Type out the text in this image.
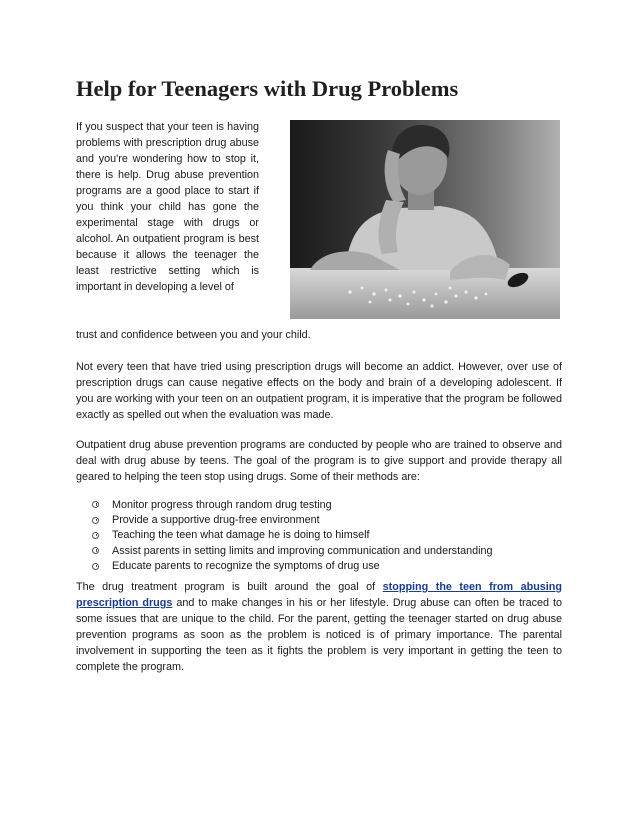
Help for Teenagers with Drug Problems

If you suspect that your teen is having problems with prescription drug abuse and you're wondering how to stop it, there is help. Drug abuse prevention programs are a good place to start if you think your child has gone the experimental stage with drugs or alcohol. An outpatient program is best because it allows the teenager the least restrictive setting which is important in developing a level of

trust and confidence between you and your child.

Not every teen that have tried using prescription drugs will become an addict. However, over use of prescription drugs can cause negative effects on the body and brain of a developing adolescent. If you are working with your teen on an outpatient program, it is imperative that the program be followed exactly as spelled out when the evaluation was made.

Outpatient drug abuse prevention programs are conducted by people who are trained to observe and deal with drug abuse by teens. The goal of the program is to give support and provide therapy all geared to helping the teen stop using drugs. Some of their methods are:

Monitor progress through random drug testing
Provide a supportive drug-free environment
Teaching the teen what damage he is doing to himself
Assist parents in setting limits and improving communication and understanding
Educate parents to recognize the symptoms of drug use

The drug treatment program is built around the goal of stopping the teen from abusing prescription drugs and to make changes in his or her lifestyle. Drug abuse can often be traced to some issues that are unique to the child. For the parent, getting the teenager started on drug abuse prevention programs as soon as the problem is noticed is of primary importance. The parental involvement in supporting the teen as it fights the problem is very important in getting the teen to complete the program.
